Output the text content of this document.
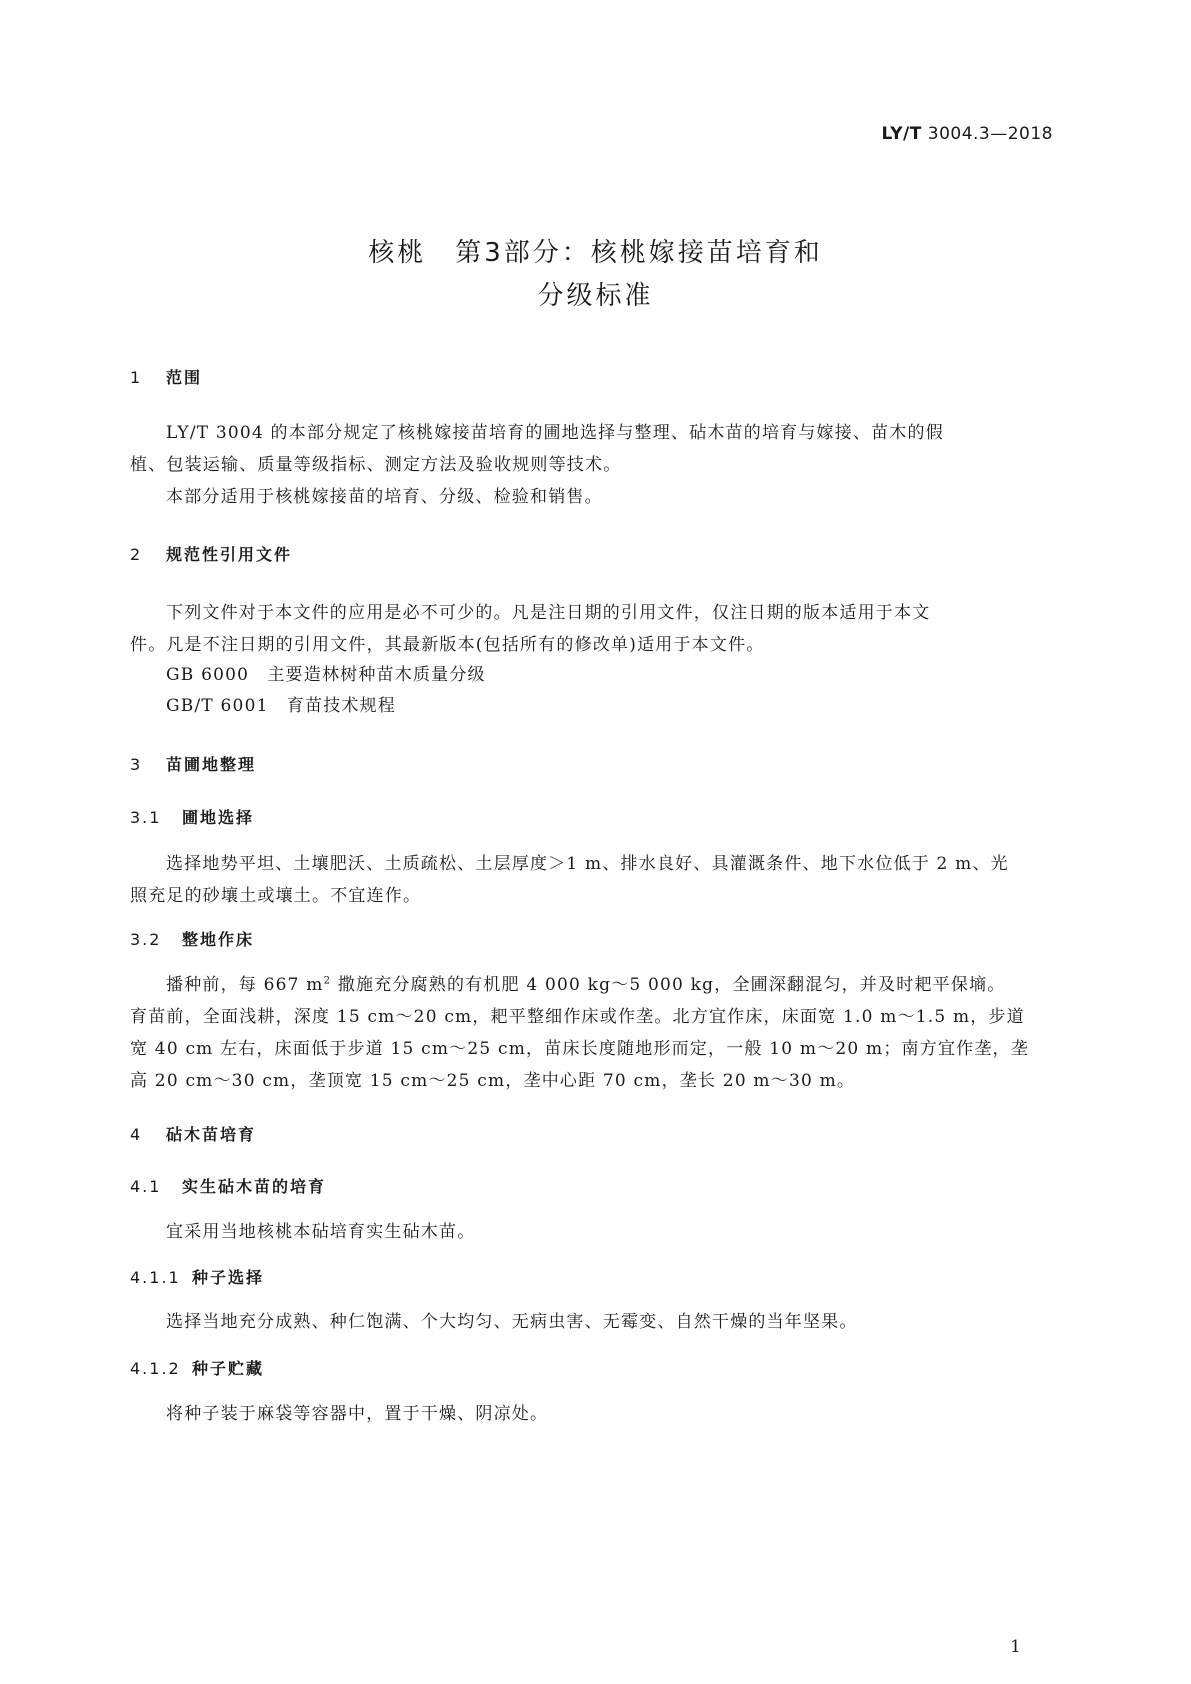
LY/T 3004.3—2018
核桃　第3部分：核桃嫁接苗培育和
分级标准
1 范围
LY/T 3004 的本部分规定了核桃嫁接苗培育的圃地选择与整理、砧木苗的培育与嫁接、苗木的假
植、包装运输、质量等级指标、测定方法及验收规则等技术。
本部分适用于核桃嫁接苗的培育、分级、检验和销售。
2 规范性引用文件
下列文件对于本文件的应用是必不可少的。凡是注日期的引用文件，仅注日期的版本适用于本文
件。凡是不注日期的引用文件，其最新版本(包括所有的修改单)适用于本文件。
GB 6000　主要造林树种苗木质量分级
GB/T 6001　育苗技术规程
3 苗圃地整理
3.1 圃地选择
选择地势平坦、土壤肥沃、土质疏松、土层厚度＞1 m、排水良好、具灌溉条件、地下水位低于 2 m、光
照充足的砂壤土或壤土。不宜连作。
3.2 整地作床
播种前，每 667 $m^2$ 撒施充分腐熟的有机肥 4 000 kg～5 000 kg，全圃深翻混匀，并及时耙平保墒。
育苗前，全面浅耕，深度 15 cm～20 cm，耙平整细作床或作垄。北方宜作床，床面宽 1.0 m～1.5 m，步道
宽 40 cm 左右，床面低于步道 15 cm～25 cm，苗床长度随地形而定，一般 10 m～20 m；南方宜作垄，垄
高 20 cm～30 cm，垄顶宽 15 cm～25 cm，垄中心距 70 cm，垄长 20 m～30 m。
4 砧木苗培育
4.1 实生砧木苗的培育
宜采用当地核桃本砧培育实生砧木苗。
4.1.1 种子选择
选择当地充分成熟、种仁饱满、个大均匀、无病虫害、无霉变、自然干燥的当年坚果。
4.1.2 种子贮藏
将种子装于麻袋等容器中，置于干燥、阴凉处。
1
